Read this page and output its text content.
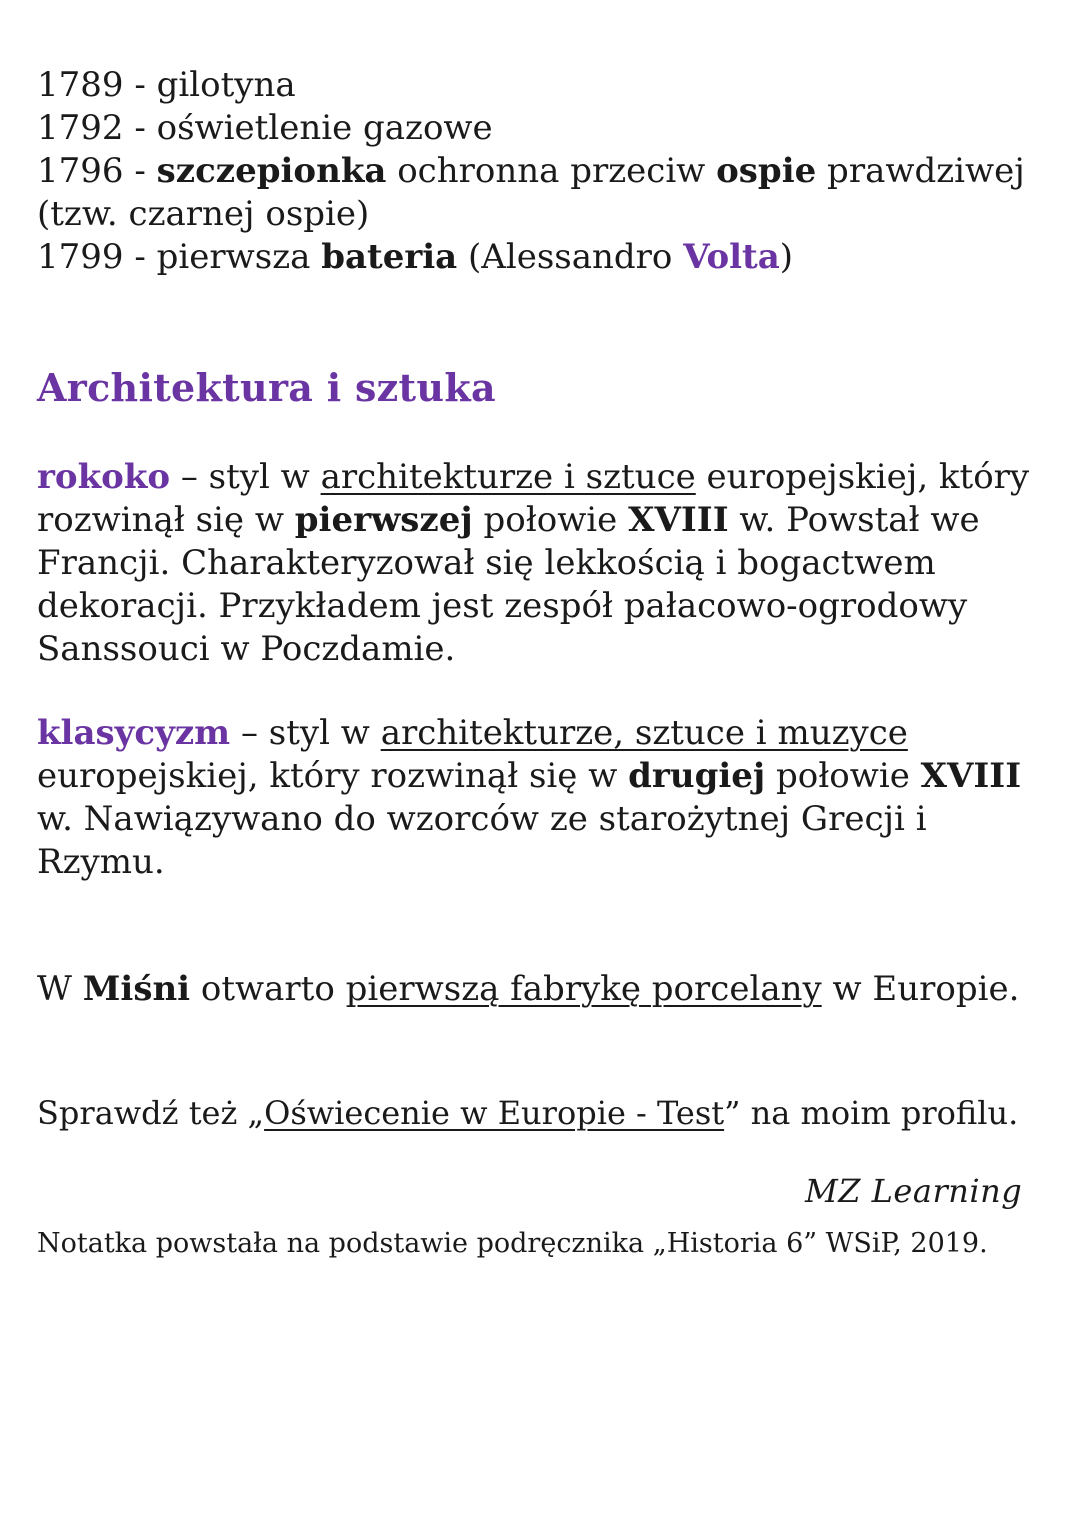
1789 - gilotyna

1792 - oświetlenie gazowe

1796 - szczepionka ochronna przeciw ospie prawdziwej (tzw. czarnej ospie)

1799 - pierwsza bateria (Alessandro Volta)

Architektura i sztuka

rokoko – styl w architekturze i sztuce europejskiej, który rozwinął się w pierwszej połowie XVIII w. Powstał we Francji. Charakteryzował się lekkością i bogactwem dekoracji. Przykładem jest zespół pałacowo-ogrodowy Sanssouci w Poczdamie.

klasycyzm – styl w architekturze, sztuce i muzyce europejskiej, który rozwinął się w drugiej połowie XVIII w. Nawiązywano do wzorców ze starożytnej Grecji i Rzymu.

W Miśni otwarto pierwszą fabrykę porcelany w Europie.

Sprawdź też „Oświecenie w Europie - Test” na moim profilu.

MZ Learning

Notatka powstała na podstawie podręcznika „Historia 6” WSiP, 2019.
